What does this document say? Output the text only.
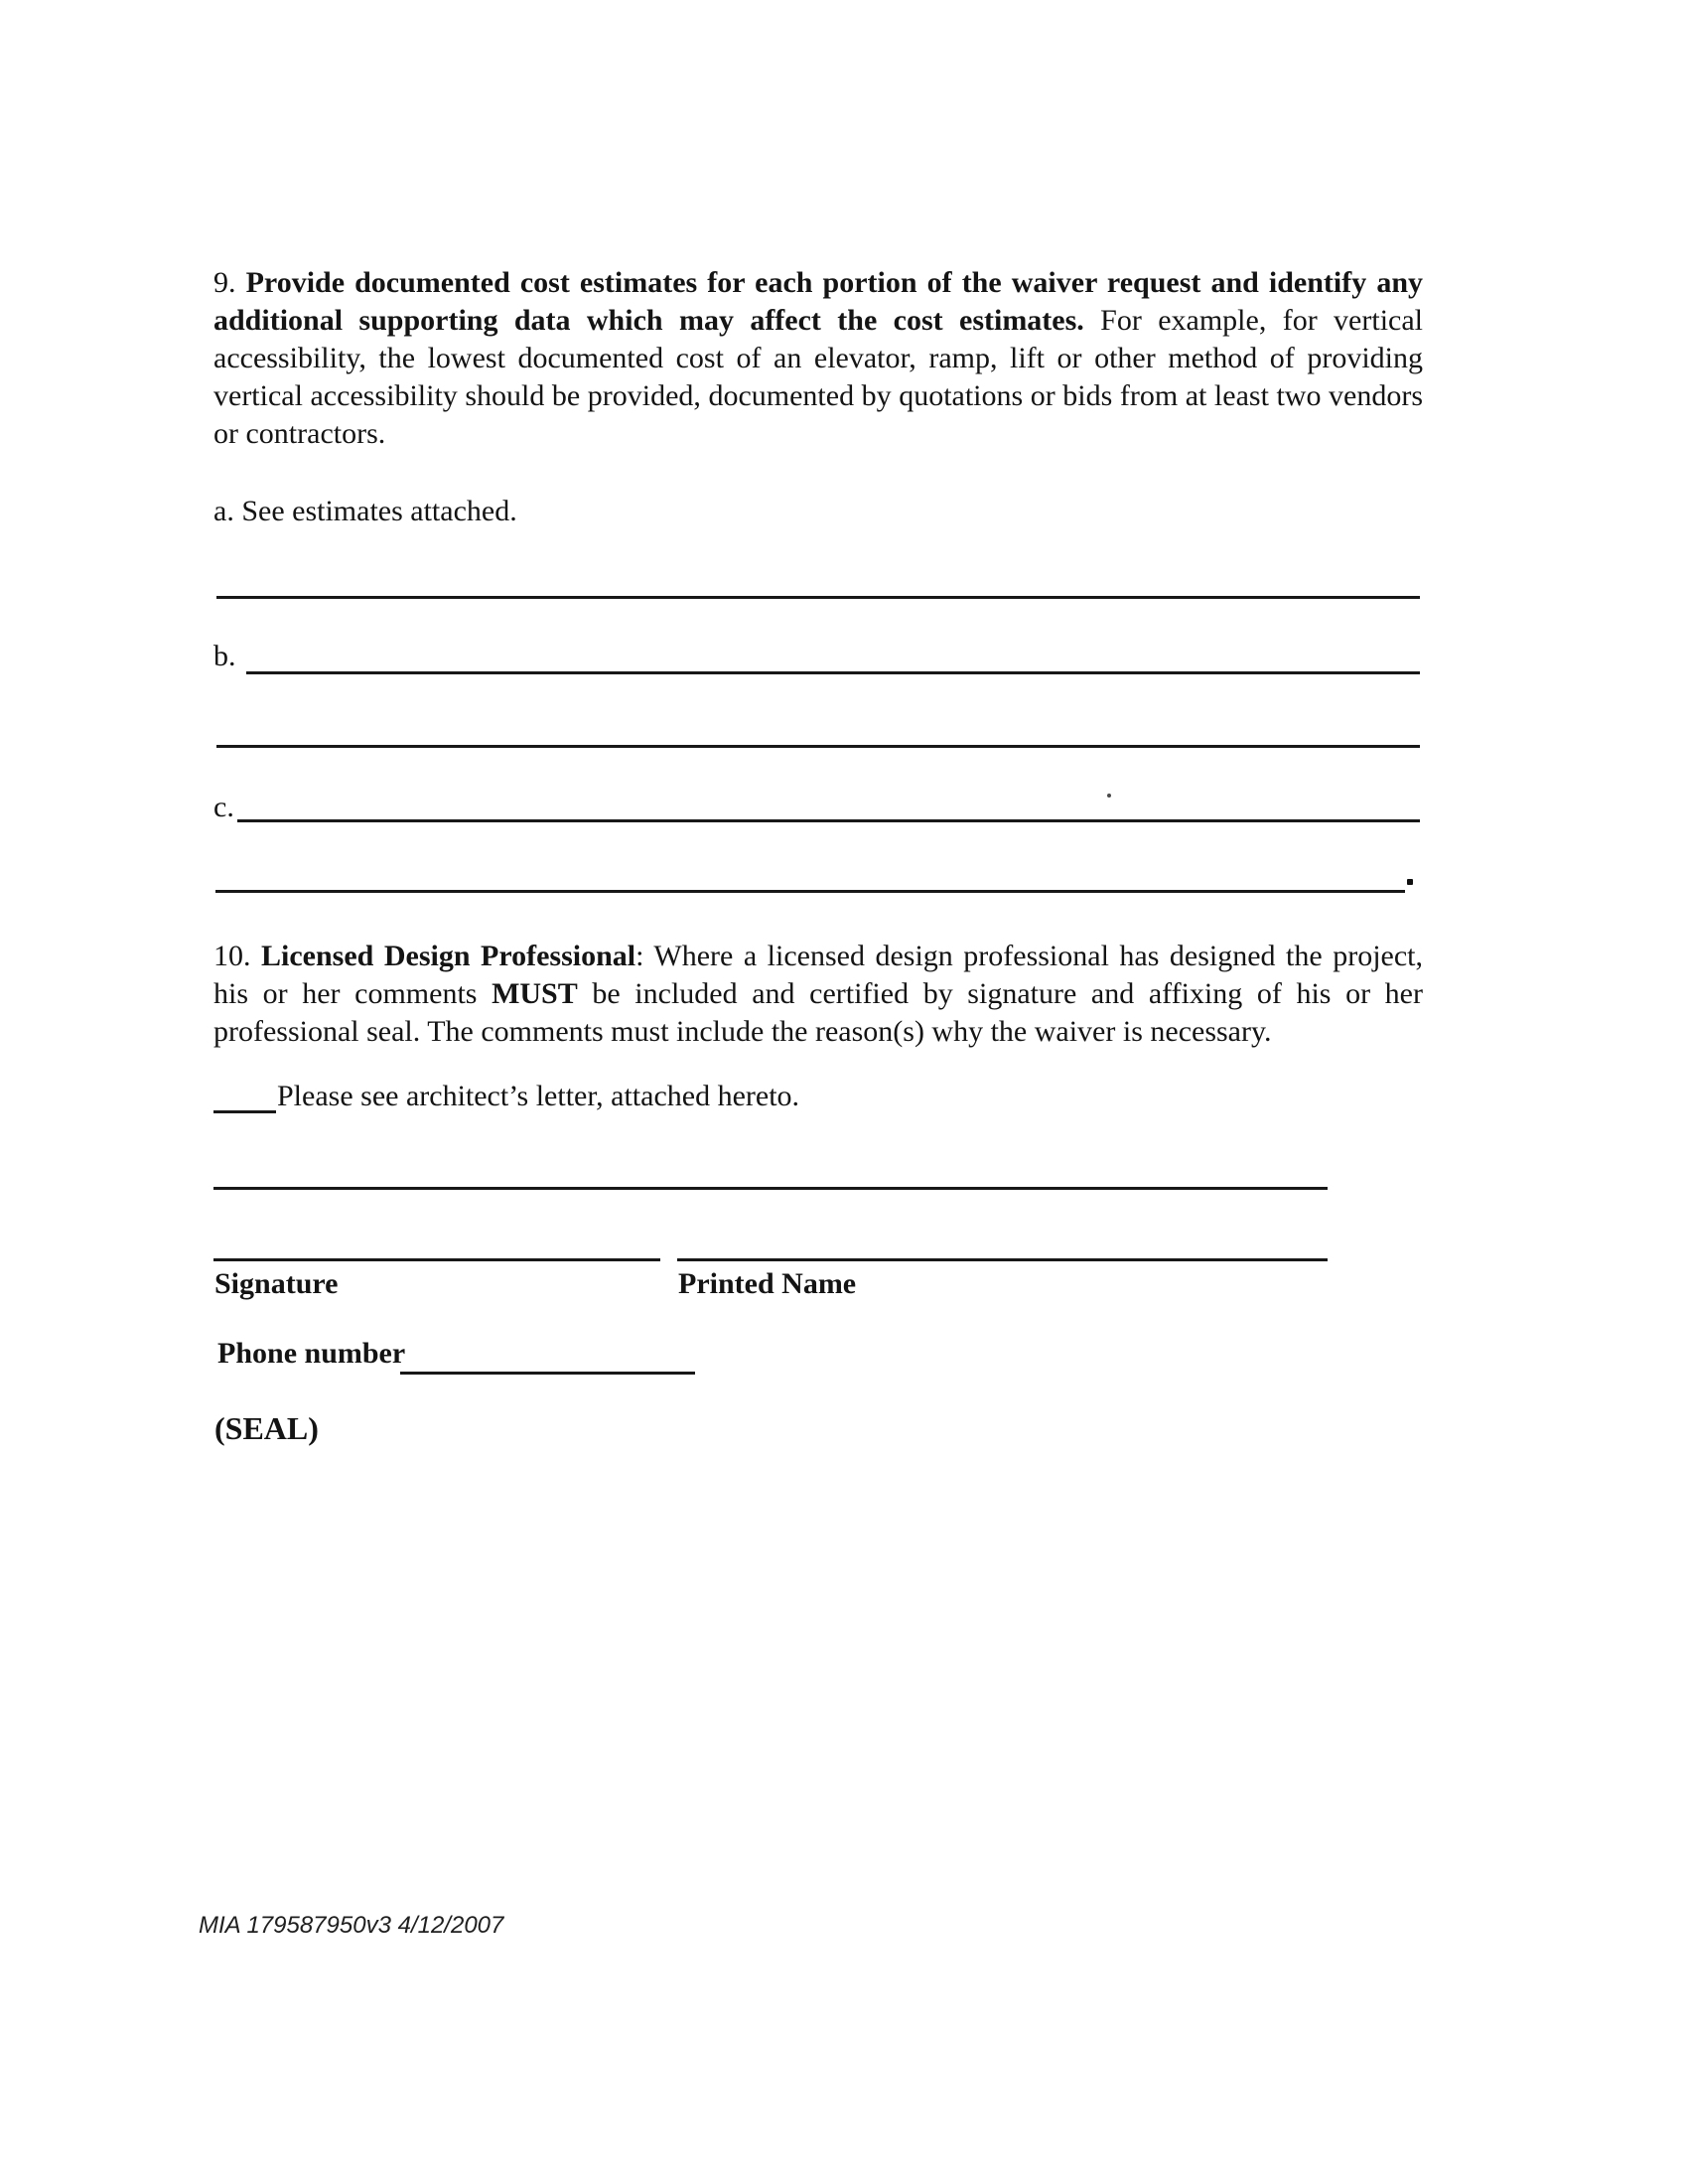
9. Provide documented cost estimates for each portion of the waiver request and identify any additional supporting data which may affect the cost estimates. For example, for vertical accessibility, the lowest documented cost of an elevator, ramp, lift or other method of providing vertical accessibility should be provided, documented by quotations or bids from at least two vendors or contractors.
a. See estimates attached.
b.
c.
10. Licensed Design Professional: Where a licensed design professional has designed the project, his or her comments MUST be included and certified by signature and affixing of his or her professional seal. The comments must include the reason(s) why the waiver is necessary.
Please see architect’s letter, attached hereto.
Signature	Printed Name
Phone number
(SEAL)
MIA 179587950v3 4/12/2007
